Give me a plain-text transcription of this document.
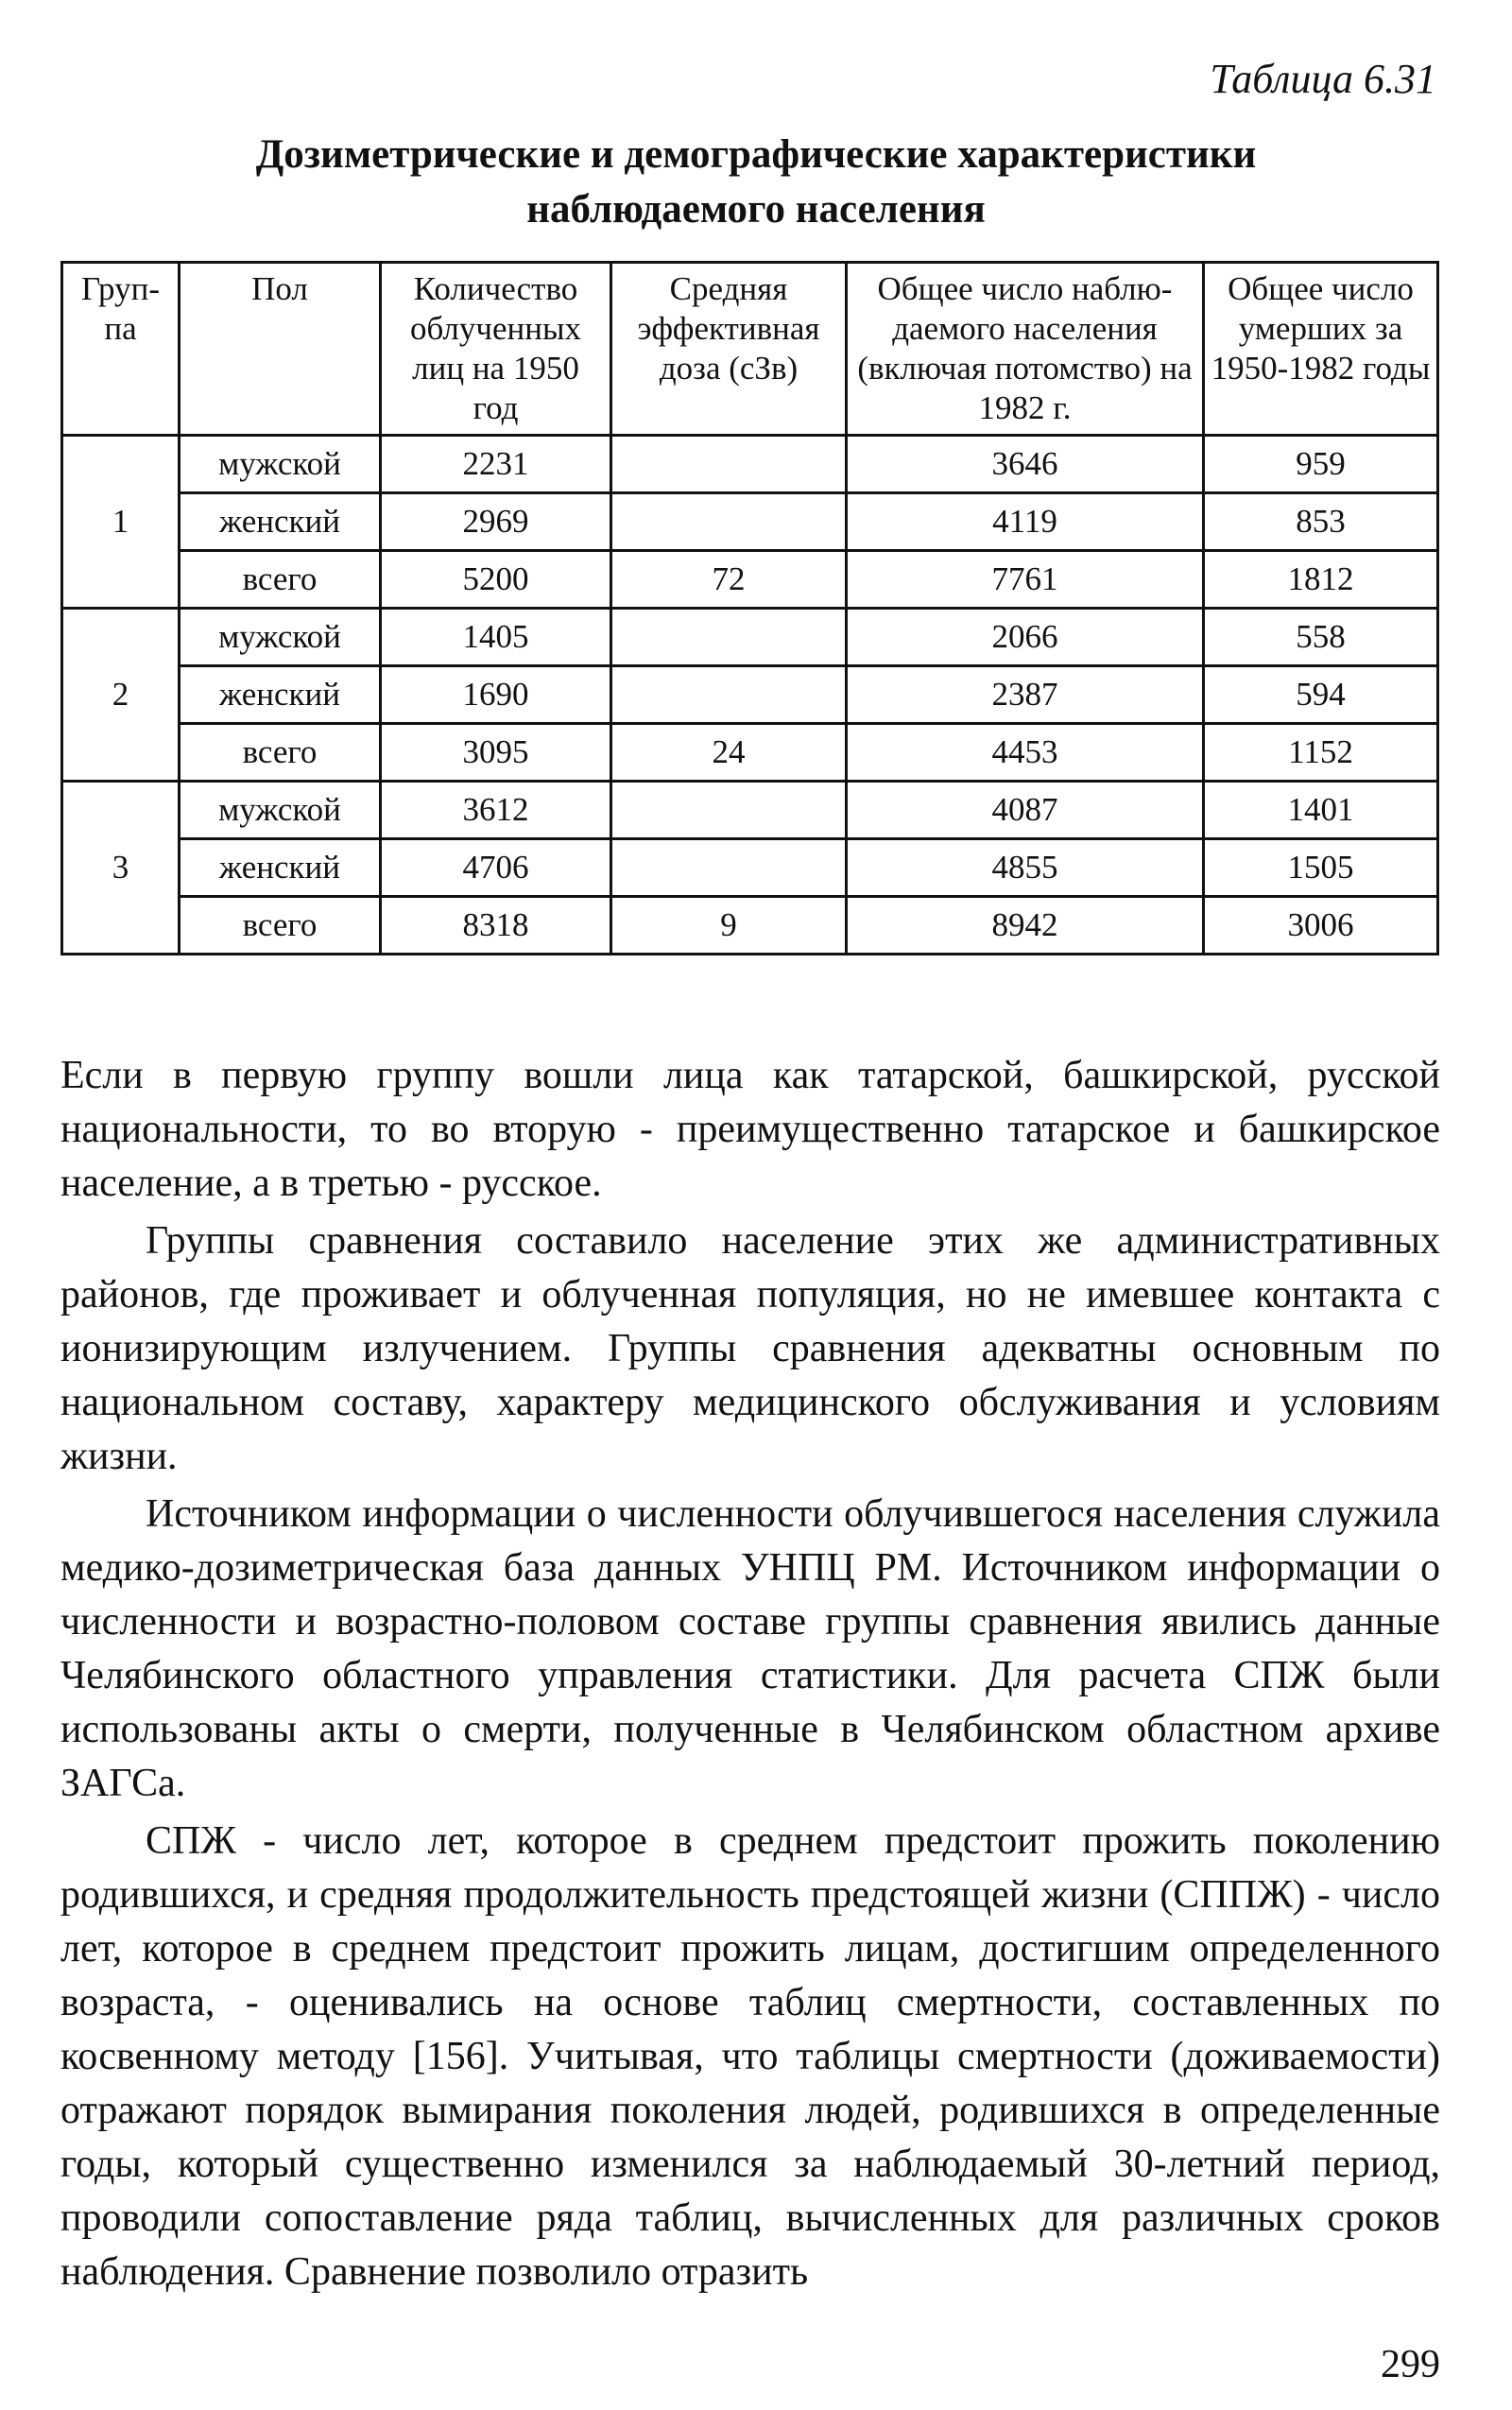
Таблица 6.31
Дозиметрические и демографические характеристики
наблюдаемого населения
Груп-па	Пол	Количество облученных лиц на 1950 год	Средняя эффективная доза (сЗв)	Общее число наблю-даемого населения (включая потомство) на 1982 г.	Общее число умерших за 1950-1982 годы
1	мужской	2231		3646	959
	женский	2969		4119	853
	всего	5200	72	7761	1812
2	мужской	1405		2066	558
	женский	1690		2387	594
	всего	3095	24	4453	1152
3	мужской	3612		4087	1401
	женский	4706		4855	1505
	всего	8318	9	8942	3006

Если в первую группу вошли лица как татарской, башкирской, русской национальности, то во вторую - преимущественно татарское и башкирское население, а в третью - русское.

Группы сравнения составило население этих же административных районов, где проживает и облученная популяция, но не имевшее контакта с ионизирующим излучением. Группы сравнения адекватны основным по национальном составу, характеру медицинского обслуживания и условиям жизни.

Источником информации о численности облучившегося населения служила медико-дозиметрическая база данных УНПЦ РМ. Источником информации о численности и возрастно-половом составе группы сравнения явились данные Челябинского областного управления статистики. Для расчета СПЖ были использованы акты о смерти, полученные в Челябинском областном архиве ЗАГСа.

СПЖ - число лет, которое в среднем предстоит прожить поколению родившихся, и средняя продолжительность предстоящей жизни (СППЖ) - число лет, которое в среднем предстоит прожить лицам, достигшим определенного возраста, - оценивались на основе таблиц смертности, составленных по косвенному методу [156]. Учитывая, что таблицы смертности (доживаемости) отражают порядок вымирания поколения людей, родившихся в определенные годы, который существенно изменился за наблюдаемый 30-летний период, проводили сопоставление ряда таблиц, вычисленных для различных сроков наблюдения. Сравнение позволило отразить

299
